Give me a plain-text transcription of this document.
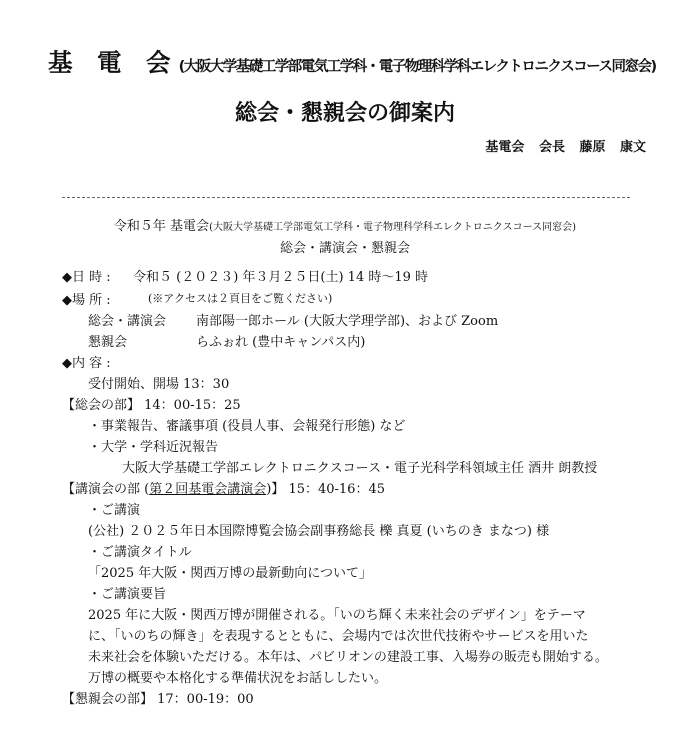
基 電 会(大阪大学基礎工学部電気工学科・電子物理科学科エレクトロニクスコース同窓会)
総会・懇親会の御案内
基電会 会長 藤原 康文
令和５年 基電会(大阪大学基礎工学部電気工学科・電子物理科学科エレクトロニクスコース同窓会)
総会・講演会・懇親会
◆日 時 : 令和５ (２０２３) 年３月２５日(土) 14 時〜19 時
◆場 所 :	(※アクセスは２頁目をご覧ください)
総会・講演会 南部陽一郎ホール (大阪大学理学部)、および Zoom
懇親会	らふぉれ (豊中キャンパス内)
◆内 容 :
受付開始、開場 13：30
【総会の部】 14：00-15：25
・事業報告、審議事項 (役員人事、会報発行形態) など
・大学・学科近況報告
大阪大学基礎工学部エレクトロニクスコース・電子光科学科領域主任 酒井 朗教授
【講演会の部 (第２回基電会講演会)】 15：40-16：45
・ご講演
(公社) ２０２５年日本国際博覧会協会副事務総長 櫟 真夏 (いちのき まなつ) 様
・ご講演タイトル
「2025 年大阪・関西万博の最新動向について」
・ご講演要旨
2025 年に大阪・関西万博が開催される。「いのち輝く未来社会のデザイン」をテーマ
に、「いのちの輝き」を表現するとともに、会場内では次世代技術やサービスを用いた
未来社会を体験いただける。本年は、パビリオンの建設工事、入場券の販売も開始する。
万博の概要や本格化する準備状況をお話ししたい。
【懇親会の部】 17：00-19：00
